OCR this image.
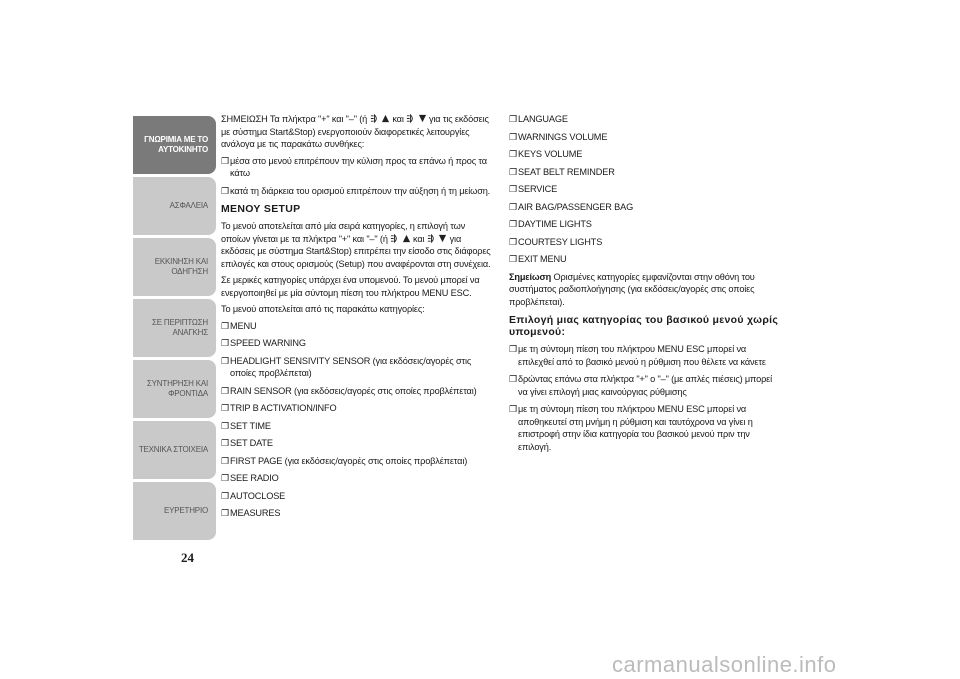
ΓΝΩΡΙΜΙΑ ΜΕ ΤΟ ΑΥΤΟΚΙΝΗΤΟ
ΑΣΦΑΛΕΙΑ
ΕΚΚΙΝΗΣΗ ΚΑΙ ΟΔΗΓΗΣΗ
ΣΕ ΠΕΡΙΠΤΩΣΗ ΑΝΑΓΚΗΣ
ΣΥΝΤΗΡΗΣΗ ΚΑΙ ΦΡΟΝΤΙΔΑ
ΤΕΧΝΙΚΑ ΣΤΟΙΧΕΙΑ
ΕΥΡΕΤΗΡΙΟ
24

ΣΗΜΕΙΩΣΗ Τα πλήκτρα "+" και "–" (ή	και	για τις εκδόσεις με σύστημα Start&Stop) ενεργοποιούν διαφορετικές λειτουργίες ανάλογα με τις παρακάτω συνθήκες:

❐ μέσα στο μενού επιτρέπουν την κύλιση προς τα επάνω ή προς τα κάτω
❐ κατά τη διάρκεια του ορισμού επιτρέπουν την αύξηση ή τη μείωση.
ΜΕΝΟΥ SETUP

Το μενού αποτελείται από μία σειρά κατηγορίες, η επιλογή των οποίων γίνεται με τα πλήκτρα "+" και "–" (ή	και	για εκδόσεις με σύστημα Start&Stop) επιτρέπει την είσοδο στις διάφορες επιλογές και στους ορισμούς (Setup) που αναφέρονται στη συνέχεια.

Σε μερικές κατηγορίες υπάρχει ένα υπομενού. Το μενού μπορεί να ενεργοποιηθεί με μία σύντομη πίεση του πλήκτρου MENU ESC.

Το μενού αποτελείται από τις παρακάτω κατηγορίες:

❐ MENU
❐ SPEED WARNING
❐ HEADLIGHT SENSIVITY SENSOR (για εκδόσεις/αγορές στις οποίες προβλέπεται)
❐ RAIN SENSOR (για εκδόσεις/αγορές στις οποίες προβλέπεται)
❐ TRIP B ACTIVATION/INFO
❐ SET TIME
❐ SET DATE
❐ FIRST PAGE (για εκδόσεις/αγορές στις οποίες προβλέπεται)
❐ SEE RADIO
❐ AUTOCLOSE
❐ MEASURES
❐ LANGUAGE
❐ WARNINGS VOLUME
❐ KEYS VOLUME
❐ SEAT BELT REMINDER
❐ SERVICE
❐ AIR BAG/PASSENGER BAG
❐ DAYTIME LIGHTS
❐ COURTESY LIGHTS
❐ EXIT MENU

Σημείωση Ορισμένες κατηγορίες εμφανίζονται στην οθόνη του συστήματος ραδιοπλοήγησης (για εκδόσεις/αγορές στις οποίες προβλέπεται).

Επιλογή μιας κατηγορίας του βασικού μενού χωρίς υπομενού:
❐ με τη σύντομη πίεση του πλήκτρου MENU ESC μπορεί να επιλεχθεί από το βασικό μενού η ρύθμιση που θέλετε να κάνετε
❐ δρώντας επάνω στα πλήκτρα "+" ο "–" (με απλές πιέσεις) μπορεί να γίνει επιλογή μιας καινούργιας ρύθμισης
❐ με τη σύντομη πίεση του πλήκτρου MENU ESC μπορεί να αποθηκευτεί στη μνήμη η ρύθμιση και ταυτόχρονα να γίνει η επιστροφή στην ίδια κατηγορία του βασικού μενού πριν την επιλογή.
carmanualsonline.info
